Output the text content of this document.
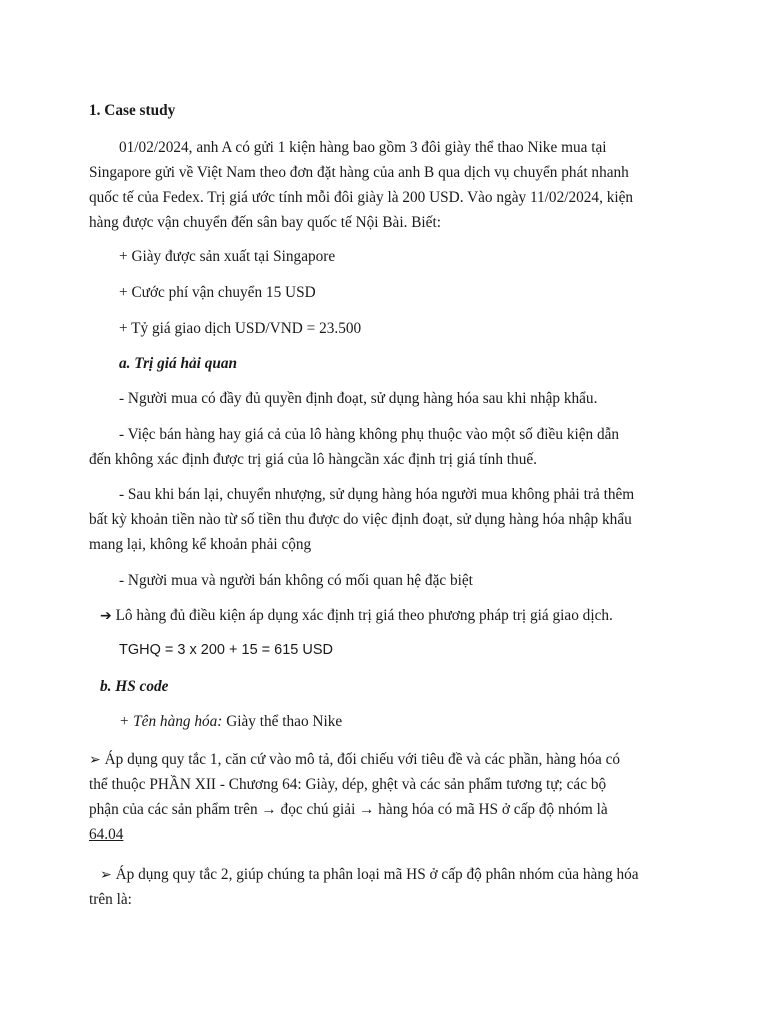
1. Case study
01/02/2024, anh A có gửi 1 kiện hàng bao gồm 3 đôi giày thể thao Nike mua tại
Singapore gửi về Việt Nam theo đơn đặt hàng của anh B qua dịch vụ chuyển phát nhanh
quốc tế của Fedex. Trị giá ước tính mỗi đôi giày là 200 USD. Vào ngày 11/02/2024, kiện
hàng được vận chuyển đến sân bay quốc tế Nội Bài. Biết:
+ Giày được sản xuất tại Singapore
+ Cước phí vận chuyển 15 USD
+ Tỷ giá giao dịch USD/VND = 23.500
a. Trị giá hải quan
- Người mua có đầy đủ quyền định đoạt, sử dụng hàng hóa sau khi nhập khẩu.
- Việc bán hàng hay giá cả của lô hàng không phụ thuộc vào một số điều kiện dẫn
đến không xác định được trị giá của lô hàngcần xác định trị giá tính thuế.
- Sau khi bán lại, chuyển nhượng, sử dụng hàng hóa người mua không phải trả thêm
bất kỳ khoản tiền nào từ số tiền thu được do việc định đoạt, sử dụng hàng hóa nhập khẩu
mang lại, không kể khoản phải cộng
- Người mua và người bán không có mối quan hệ đặc biệt
➔ Lô hàng đủ điều kiện áp dụng xác định trị giá theo phương pháp trị giá giao dịch.
TGHQ = 3 x 200 + 15 = 615 USD
b. HS code
+ Tên hàng hóa: Giày thể thao Nike
➢ Áp dụng quy tắc 1, căn cứ vào mô tả, đối chiếu với tiêu đề và các phần, hàng hóa có
thể thuộc PHẦN XII - Chương 64: Giày, dép, ghệt và các sản phẩm tương tự; các bộ
phận của các sản phẩm trên → đọc chú giải → hàng hóa có mã HS ở cấp độ nhóm là
64.04
➢ Áp dụng quy tắc 2, giúp chúng ta phân loại mã HS ở cấp độ phân nhóm của hàng hóa
trên là:
